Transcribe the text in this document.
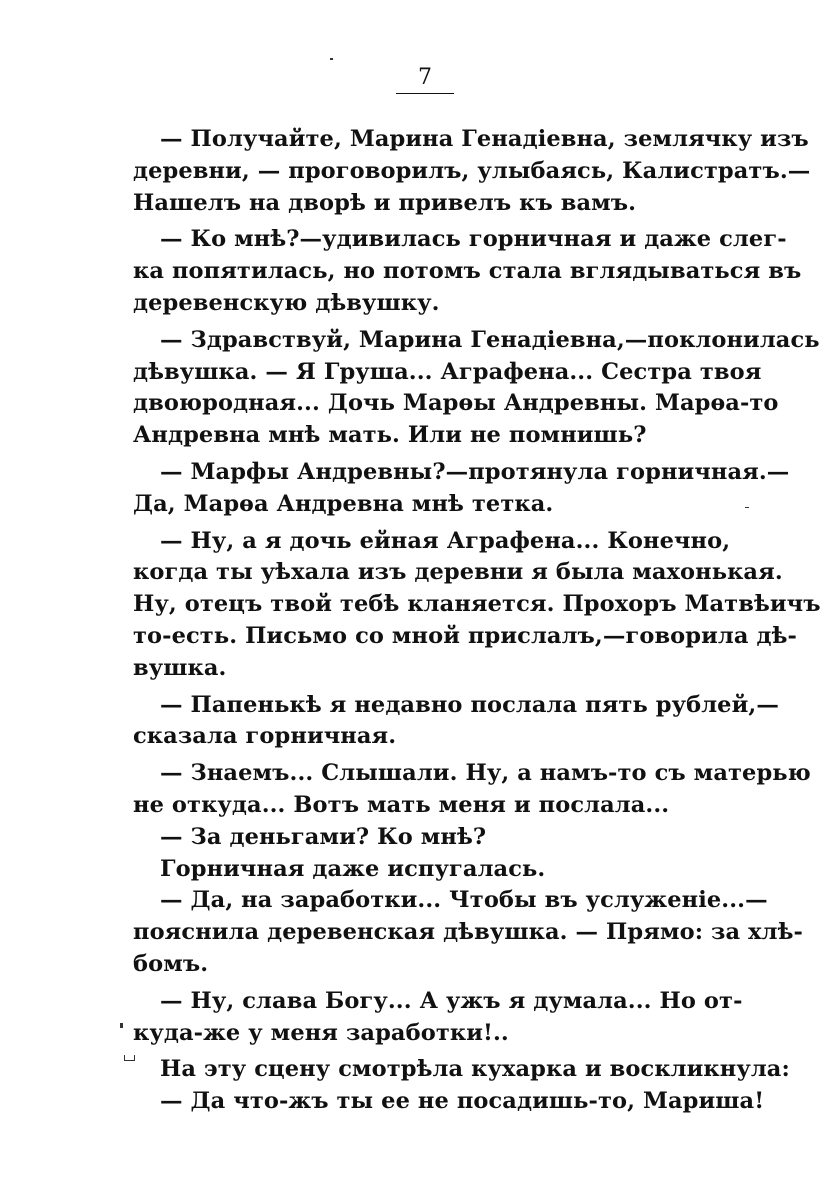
7
— Получайте, Марина Генадіевна, землячку изъ
деревни, — проговорилъ, улыбаясь, Калистратъ.—
Нашелъ на дворѣ и привелъ къ вамъ.
— Ко мнѣ?—удивилась горничная и даже слег-
ка попятилась, но потомъ стала вглядываться въ
деревенскую дѣвушку.
— Здравствуй, Марина Генадіевна,—поклонилась
дѣвушка. — Я Груша... Аграфена... Сестра твоя
двоюродная... Дочь Марѳы Андревны. Марѳа-то
Андревна мнѣ мать. Или не помнишь?
— Марфы Андревны?—протянула горничная.—
Да, Марѳа Андревна мнѣ тетка.
— Ну, а я дочь ейная Аграфена... Конечно,
когда ты уѣхала изъ деревни я была махонькая.
Ну, отецъ твой тебѣ кланяется. Прохоръ Матвѣичъ
то-есть. Письмо со мной прислалъ,—говорила дѣ-
вушка.
— Папенькѣ я недавно послала пять рублей,—
сказала горничная.
— Знаемъ... Слышали. Ну, а намъ-то съ матерью
не откуда... Вотъ мать меня и послала...
— За деньгами? Ко мнѣ?
Горничная даже испугалась.
— Да, на заработки... Чтобы въ услуженіе...—
пояснила деревенская дѣвушка. — Прямо: за хлѣ-
бомъ.
— Ну, слава Богу... А ужъ я думала... Но от-
куда-же у меня заработки!..
На эту сцену смотрѣла кухарка и воскликнула:
— Да что-жъ ты ее не посадишь-то, Мариша!
